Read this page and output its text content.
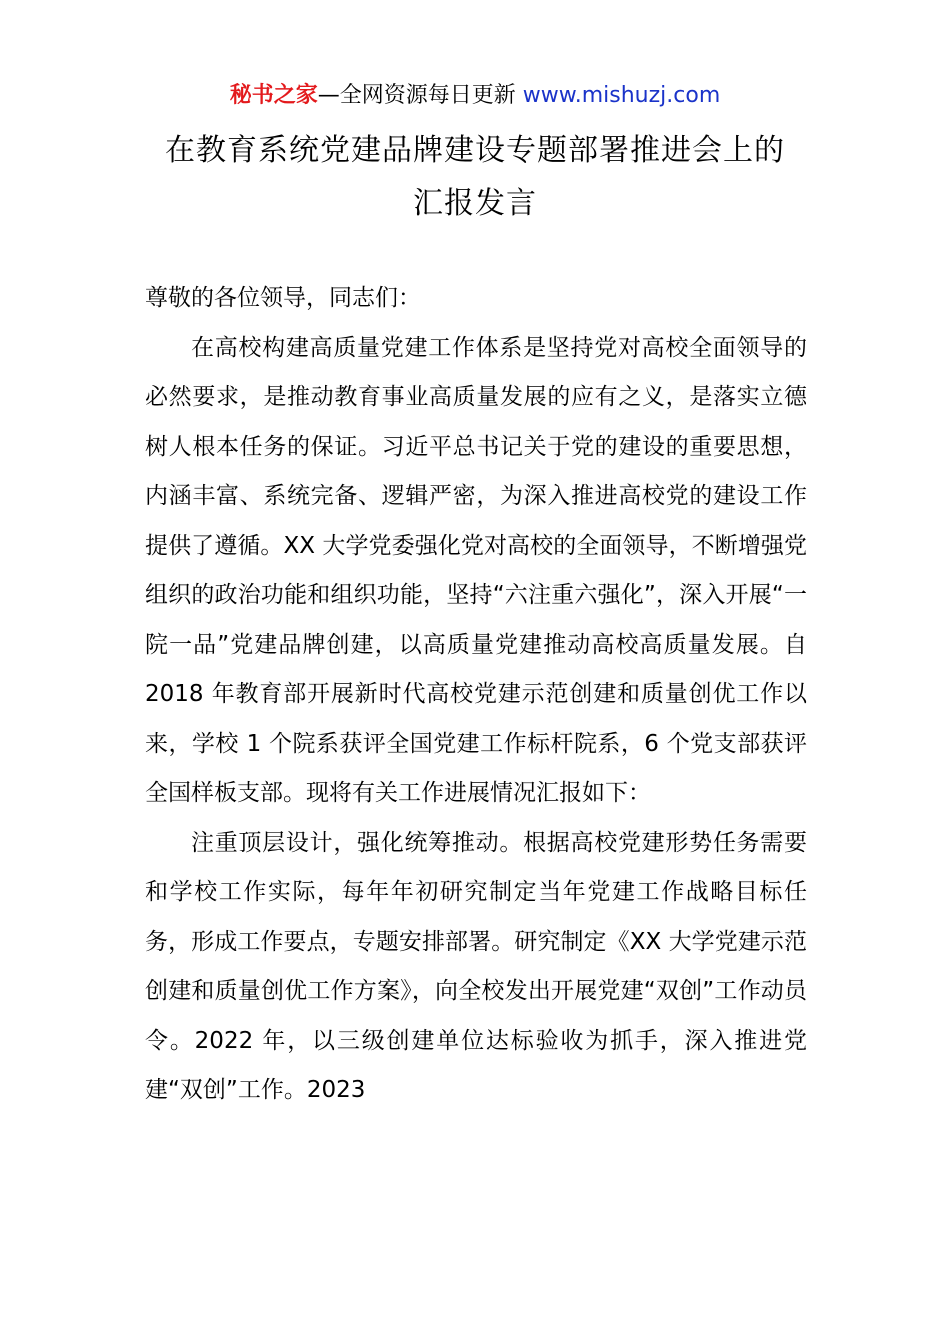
秘书之家—全网资源每日更新 www.mishuzj.com
在教育系统党建品牌建设专题部署推进会上的
汇报发言

尊敬的各位领导，同志们：

在高校构建高质量党建工作体系是坚持党对高校全面领导的必然要求，是推动教育事业高质量发展的应有之义，是落实立德树人根本任务的保证。习近平总书记关于党的建设的重要思想，内涵丰富、系统完备、逻辑严密，为深入推进高校党的建设工作提供了遵循。XX 大学党委强化党对高校的全面领导，不断增强党组织的政治功能和组织功能，坚持“六注重六强化”，深入开展“一院一品”党建品牌创建，以高质量党建推动高校高质量发展。自 2018 年教育部开展新时代高校党建示范创建和质量创优工作以来，学校 1 个院系获评全国党建工作标杆院系，6 个党支部获评全国样板支部。现将有关工作进展情况汇报如下：

注重顶层设计，强化统筹推动。根据高校党建形势任务需要和学校工作实际，每年年初研究制定当年党建工作战略目标任务，形成工作要点，专题安排部署。研究制定《XX 大学党建示范创建和质量创优工作方案》，向全校发出开展党建“双创”工作动员令。2022 年，以三级创建单位达标验收为抓手，深入推进党建“双创”工作。2023
